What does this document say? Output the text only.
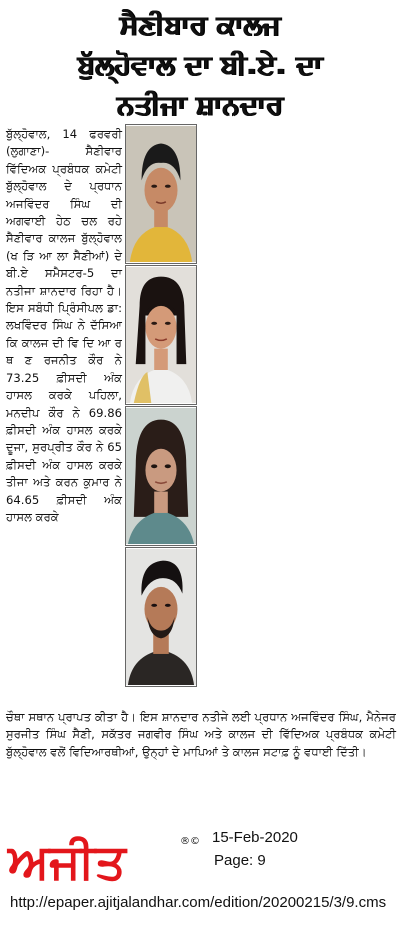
ਸੈਣੀਬਾਰ ਕਾਲਜ
ਬੁੱਲ੍ਹੋਵਾਲ ਦਾ ਬੀ.ਏ. ਦਾ
ਨਤੀਜਾ ਸ਼ਾਨਦਾਰ
ਬੁੱਲ੍ਹੋਵਾਲ, 14 ਫਰਵਰੀ (ਲੁਗਾਣਾ)- ਸੈਣੀਵਾਰ ਵਿੱਦਿਅਕ ਪ੍ਰਬੰਧਕ ਕਮੇਟੀ ਬੁੱਲ੍ਹੋਵਾਲ ਦੇ ਪ੍ਰਧਾਨ ਅਜਵਿੰਦਰ ਸਿੰਘ ਦੀ ਅਗਵਾਈ ਹੇਠ ਚਲ ਰਹੇ ਸੈਣੀਵਾਰ ਕਾਲਜ ਬੁੱਲ੍ਹੋਵਾਲ (ਖ ੜਿ ਆ ਲਾ ਸੈਣੀਆਂ) ਦੇ ਬੀ.ਏ ਸਮੈਸਟਰ-5 ਦਾ ਨਤੀਜਾ ਸ਼ਾਨਦਾਰ ਰਿਹਾ ਹੈ। ਇਸ ਸਬੰਧੀ ਪ੍ਰਿੰਸੀਪਲ ਡਾ: ਲਖਵਿੰਦਰ ਸਿੰਘ ਨੇ ਦੱਸਿਆ ਕਿ ਕਾਲਜ ਦੀ ਵਿ ਦਿ ਆ ਰ ਥ ਣ ਰਜਨੀਤ ਕੌਰ ਨੇ 73.25 ਫ਼ੀਸਦੀ ਅੰਕ ਹਾਸਲ ਕਰਕੇ ਪਹਿਲਾ, ਮਨਦੀਪ ਕੌਰ ਨੇ 69.86 ਫ਼ੀਸਦੀ ਅੰਕ ਹਾਸਲ ਕਰਕੇ ਦੂਜਾ, ਸੁਰਪ੍ਰੀਤ ਕੌਰ ਨੇ 65 ਫ਼ੀਸਦੀ ਅੰਕ ਹਾਸਲ ਕਰਕੇ ਤੀਜਾ ਅਤੇ ਕਰਨ ਕੁਮਾਰ ਨੇ 64.65 ਫ਼ੀਸਦੀ ਅੰਕ ਹਾਸਲ ਕਰਕੇ
ਚੌਥਾ ਸਥਾਨ ਪ੍ਰਾਪਤ ਕੀਤਾ ਹੈ। ਇਸ ਸ਼ਾਨਦਾਰ ਨਤੀਜੇ ਲਈ ਪ੍ਰਧਾਨ ਅਜਵਿੰਦਰ ਸਿੰਘ, ਮੈਨੇਜਰ ਸੁਰਜੀਤ ਸਿੰਘ ਸੈਣੀ, ਸਕੱਤਰ ਜਗਵੀਰ ਸਿੰਘ ਅਤੇ ਕਾਲਜ ਦੀ ਵਿੱਦਿਅਕ ਪ੍ਰਬੰਧਕ ਕਮੇਟੀ ਬੁੱਲ੍ਹੋਵਾਲ ਵਲੋਂ ਵਿਦਿਆਰਥੀਆਂ, ਉਨ੍ਹਾਂ ਦੇ ਮਾਪਿਆਂ ਤੇ ਕਾਲਜ ਸਟਾਫ਼ ਨੂੰ ਵਧਾਈ ਦਿੱਤੀ।
ਅਜੀਤ	®© 15-Feb-2020
Page: 9
http://epaper.ajitjalandhar.com/edition/20200215/3/9.cms
